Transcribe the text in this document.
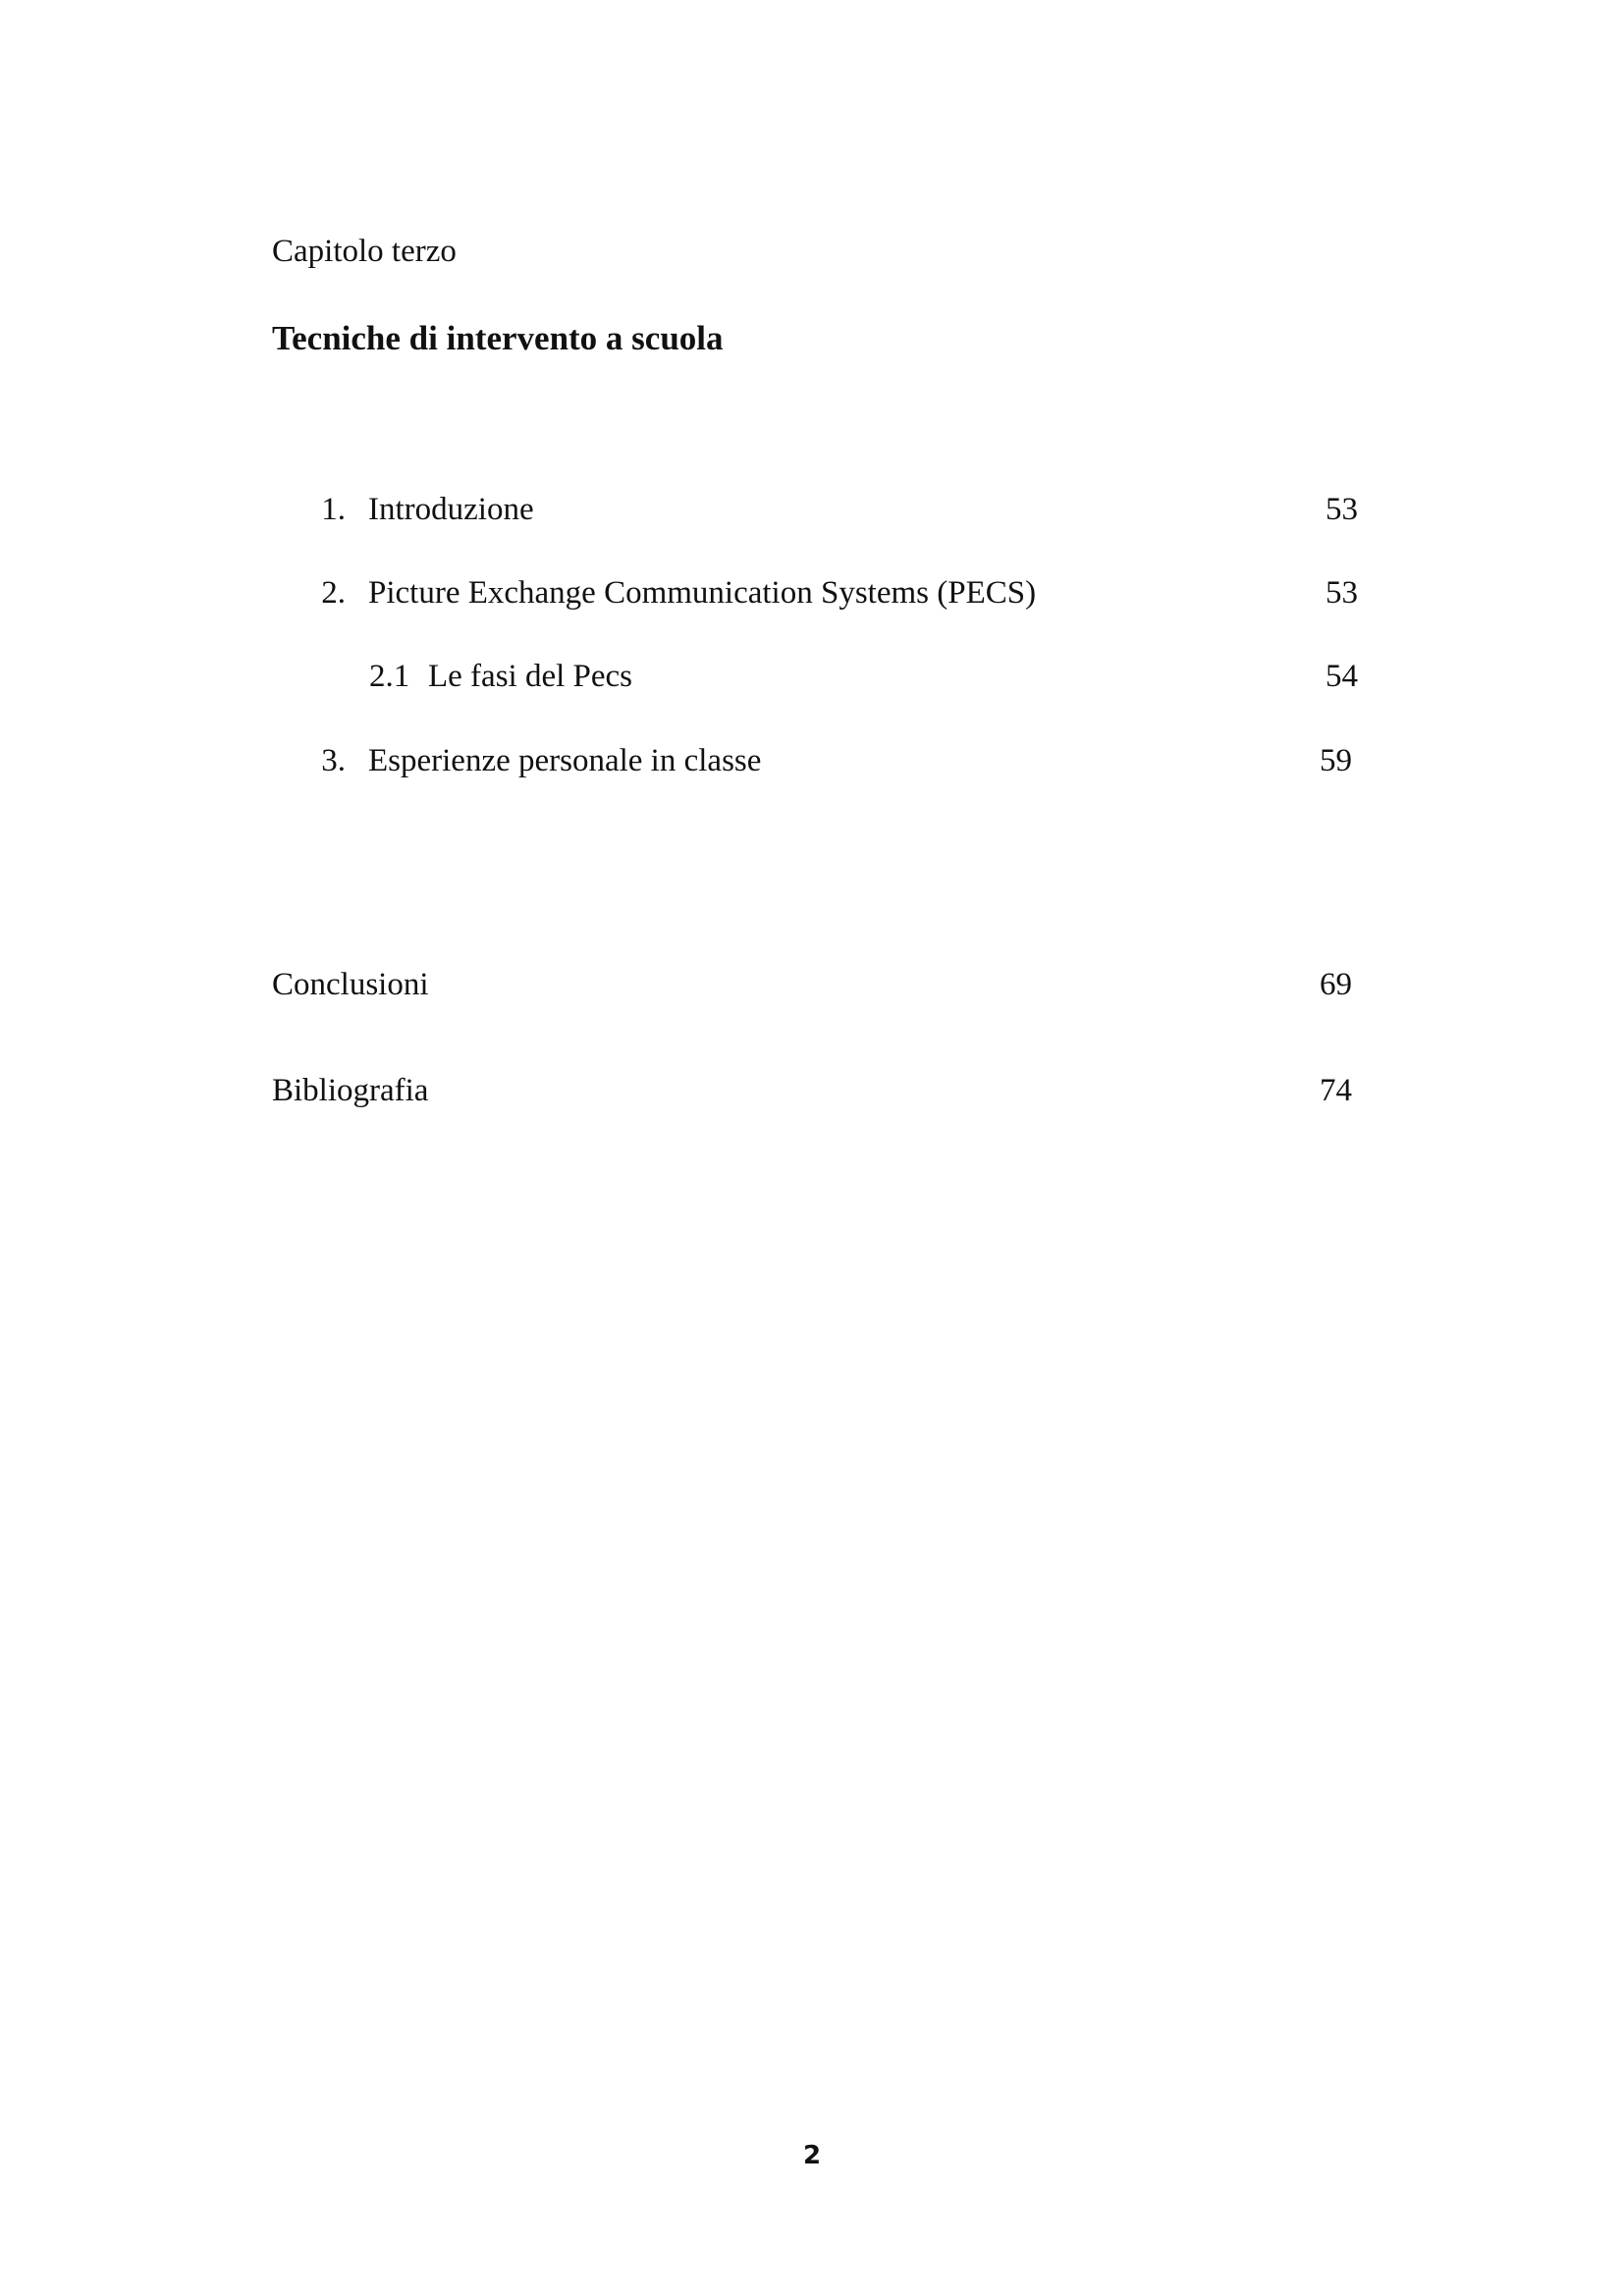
Capitolo terzo
Tecniche di intervento a scuola
1. Introduzione	53
2. Picture Exchange Communication Systems (PECS)	53
2.1 Le fasi del Pecs	54
3. Esperienze personale in classe	59
Conclusioni	69
Bibliografia	74
2
